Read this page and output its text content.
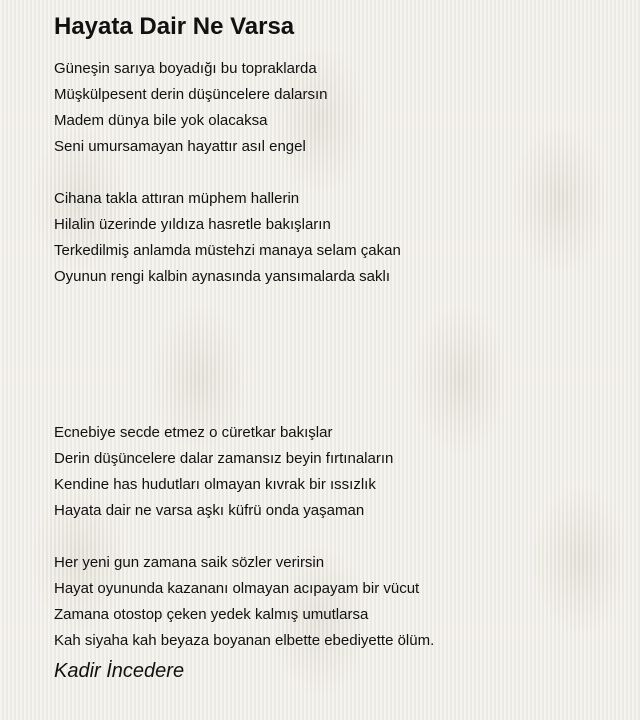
Hayata Dair Ne Varsa
Güneşin sarıya boyadığı bu topraklarda
Müşkülpesent derin düşüncelere dalarsın
Madem dünya bile yok olacaksa
Seni umursamayan hayattır asıl engel
Cihana takla attıran müphem hallerin
Hilalin üzerinde yıldıza hasretle bakışların
Terkedilmiş anlamda müstehzi manaya selam çakan
Oyunun rengi kalbin aynasında yansımalarda saklı
Ecnebiye secde etmez o cüretkar bakışlar
Derin düşüncelere dalar zamansız beyin fırtınaların
Kendine has hudutları olmayan kıvrak bir ıssızlık
Hayata dair ne varsa aşkı küfrü onda yaşaman
Her yeni gun zamana saik sözler verirsin
Hayat oyununda kazananı olmayan acıpayam bir vücut
Zamana otostop çeken yedek kalmış umutlarsa
Kah siyaha kah beyaza boyanan elbette ebediyette ölüm.
Kadir İncedere
